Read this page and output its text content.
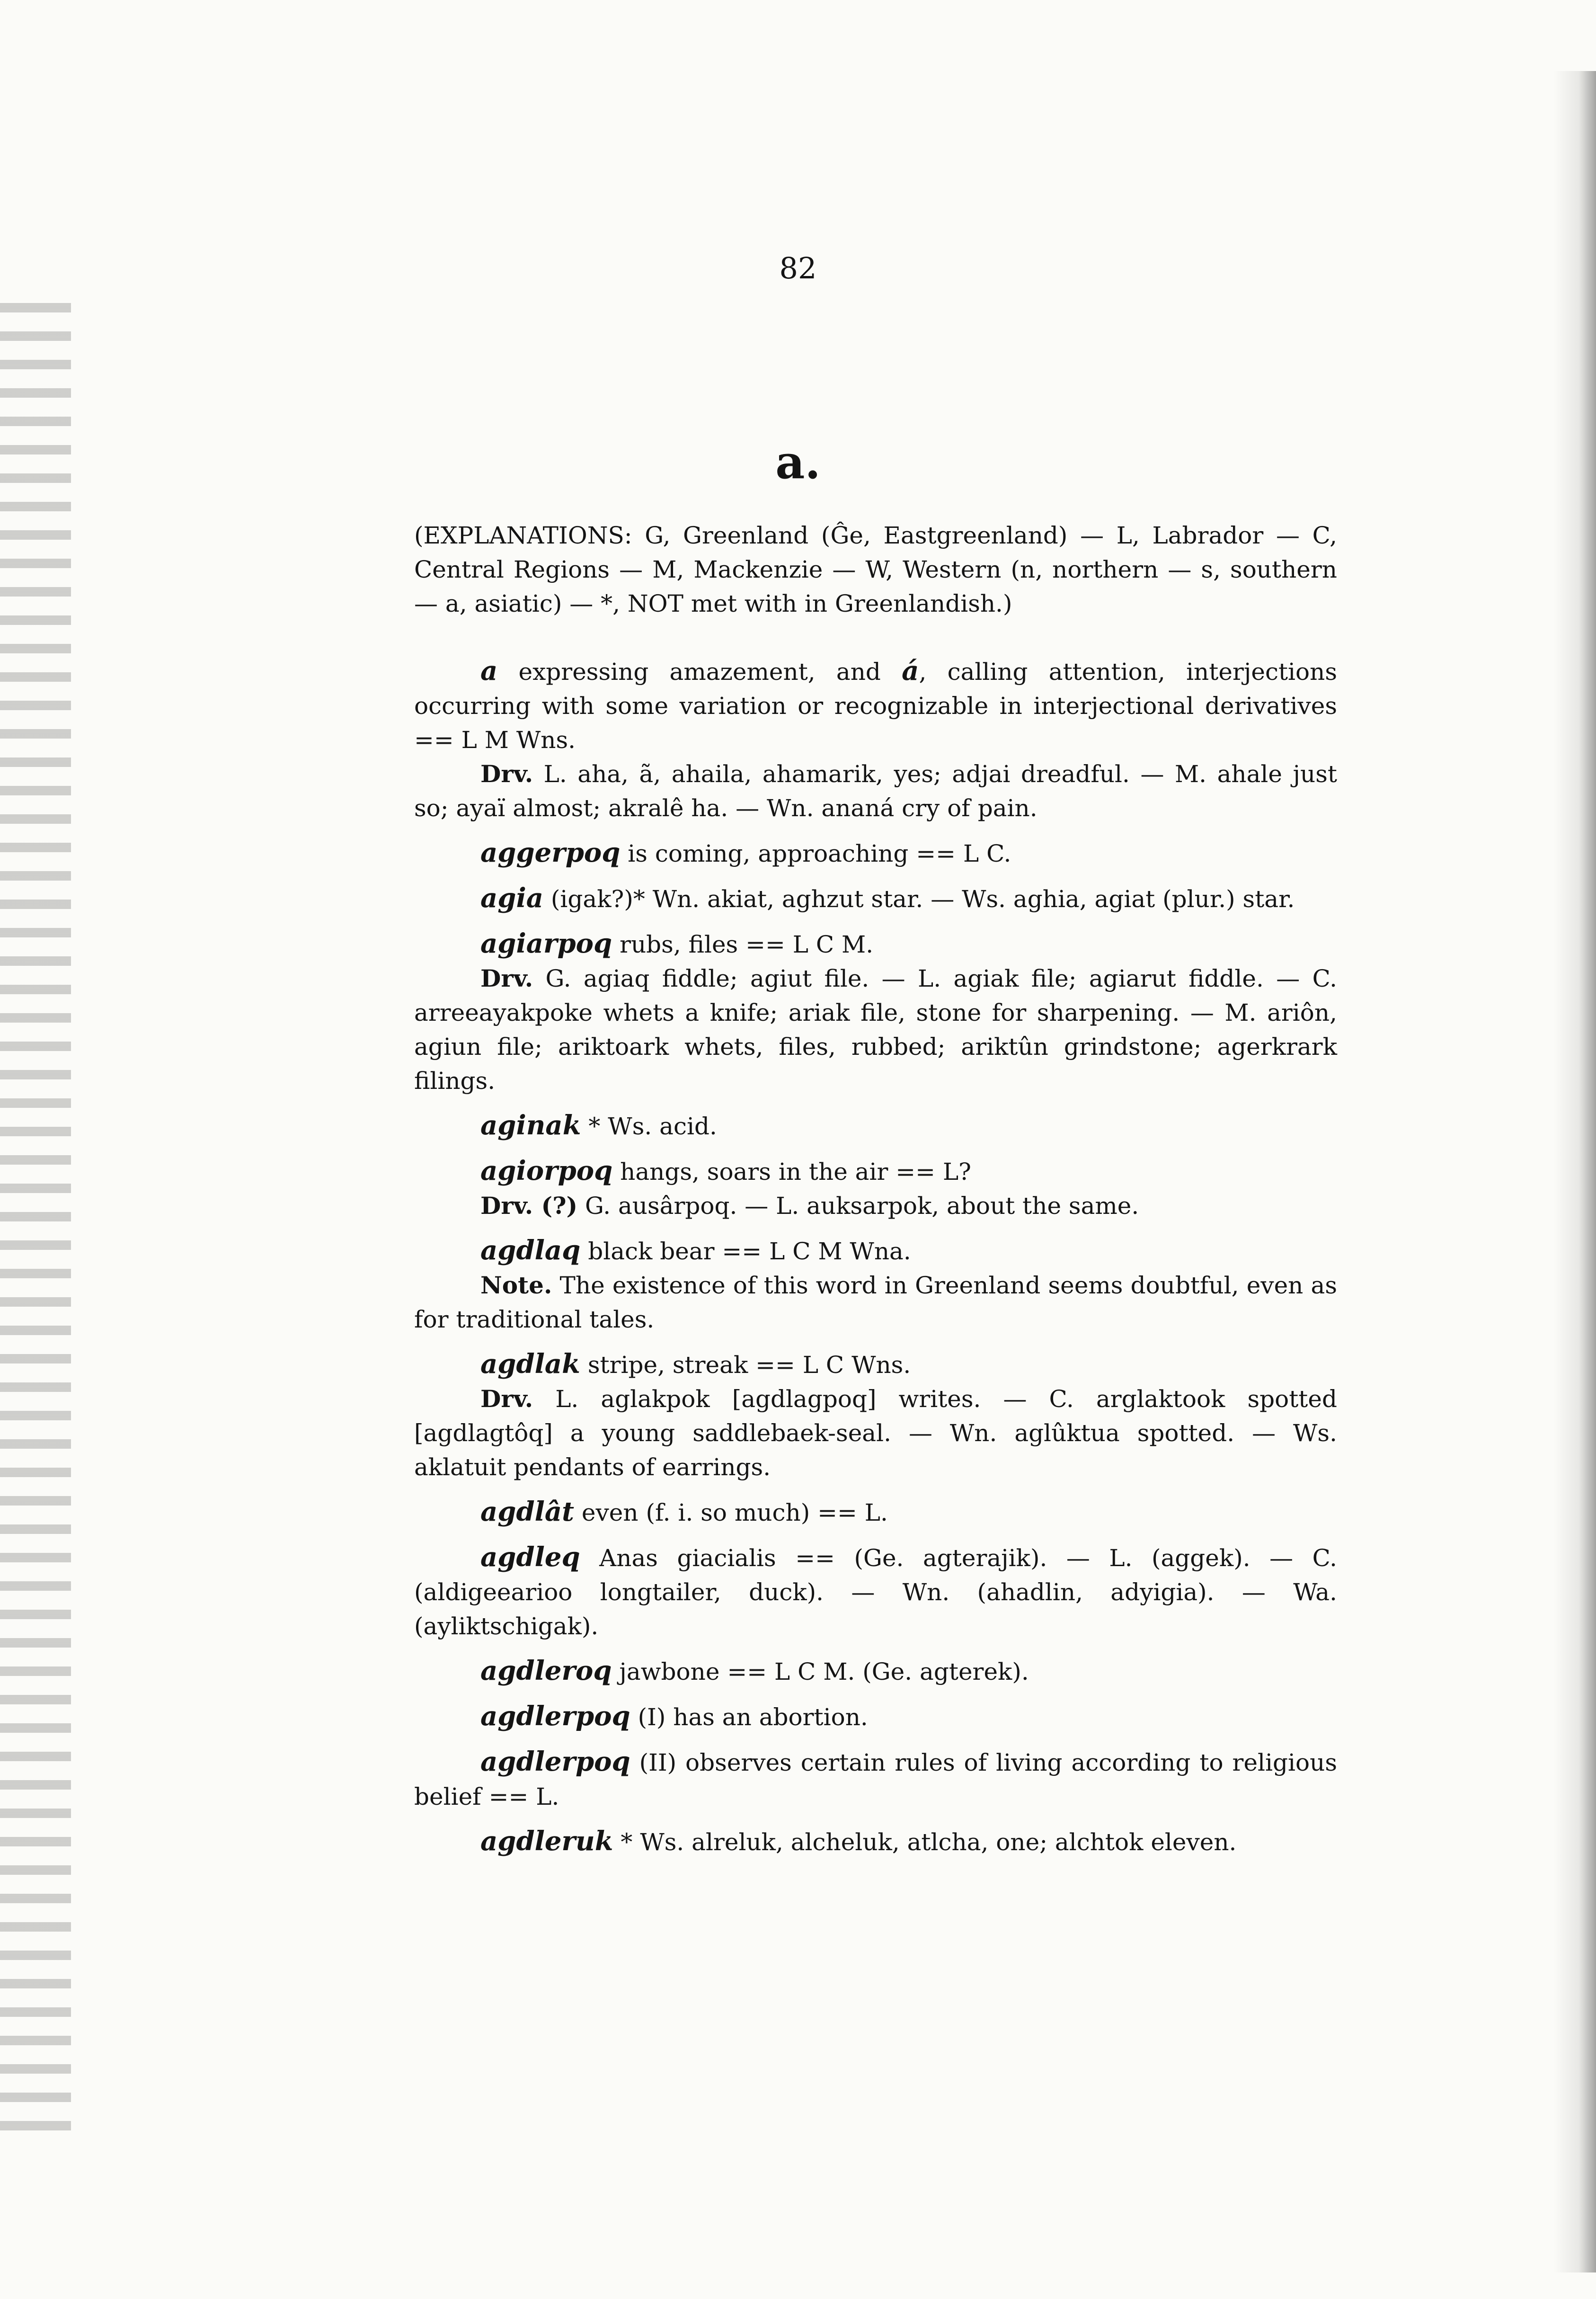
82
a.
(EXPLANATIONS: G, Greenland (Ĝe, Eastgreenland) — L, Labrador — C, Central Regions — M, Mackenzie — W, Western (n, northern — s, southern — a, asiatic) — *, NOT met with in Greenlandish.)

a expressing amazement, and á, calling attention, interjections occurring with some variation or recognizable in interjectional derivatives == L M Wns.

Drv. L. aha, ã, ahaila, ahamarik, yes; adjai dreadful. — M. ahale just so; ayaï almost; akralê ha. — Wn. ananá cry of pain.

aggerpoq is coming, approaching == L C.

agia (igak?)* Wn. akiat, aghzut star. — Ws. aghia, agiat (plur.) star.

agiarpoq rubs, files == L C M.

Drv. G. agiaq fiddle; agiut file. — L. agiak file; agiarut fiddle. — C. arreeayakpoke whets a knife; ariak file, stone for sharpening. — M. ariôn, agiun file; ariktoark whets, files, rubbed; ariktûn grindstone; agerkrark filings.

aginak * Ws. acid.

agiorpoq hangs, soars in the air == L?

Drv. (?) G. ausârpoq. — L. auksarpok, about the same.

agdlaq black bear == L C M Wna.

Note. The existence of this word in Greenland seems doubtful, even as for traditional tales.

agdlak stripe, streak == L C Wns.

Drv. L. aglakpok [agdlagpoq] writes. — C. arglaktook spotted [agdlagtôq] a young saddlebaek-seal. — Wn. aglûktua spotted. — Ws. aklatuit pendants of earrings.

agdlât even (f. i. so much) == L.

agdleq Anas giacialis == (Ge. agterajik). — L. (aggek). — C. (aldigeearioo longtailer, duck). — Wn. (ahadlin, adyigia). — Wa. (ayliktschigak).

agdleroq jawbone == L C M. (Ge. agterek).

agdlerpoq (I) has an abortion.

agdlerpoq (II) observes certain rules of living according to religious belief == L.

agdleruk * Ws. alreluk, alcheluk, atlcha, one; alchtok eleven.
